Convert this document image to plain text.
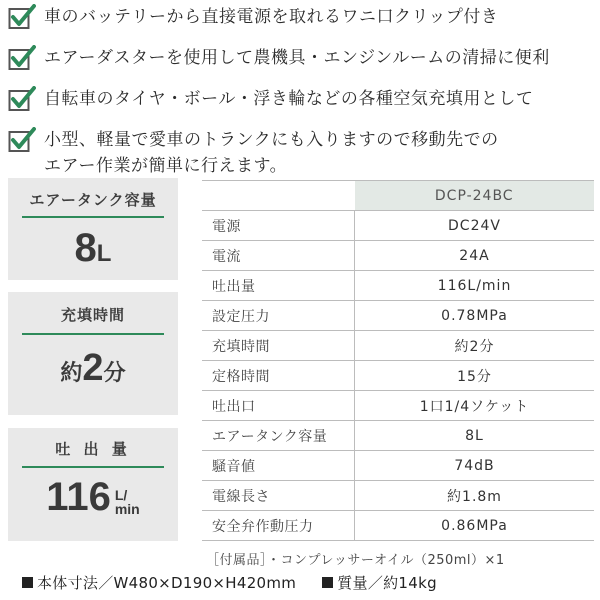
車のバッテリーから直接電源を取れるワニ口クリップ付き
エアーダスターを使用して農機具・エンジンルームの清掃に便利
自転車のタイヤ・ボール・浮き輪などの各種空気充填用として
小型、軽量で愛車のトランクにも入りますので移動先での
エアー作業が簡単に行えます。
エアータンク容量
8L
充填時間
約2分
吐 出 量
116 L/
min
	DCP-24BC
電源	DC24V
電流	24A
吐出量	116L/min
設定圧力	0.78MPa
充填時間	約2分
定格時間	15分
吐出口	1口1/4ソケット
エアータンク容量	8L
騒音値	74dB
電線長さ	約1.8m
安全弁作動圧力	0.86MPa
［付属品］・コンプレッサーオイル（250ml）×1
本体寸法／W480×D190×H420mm	質量／約14kg
